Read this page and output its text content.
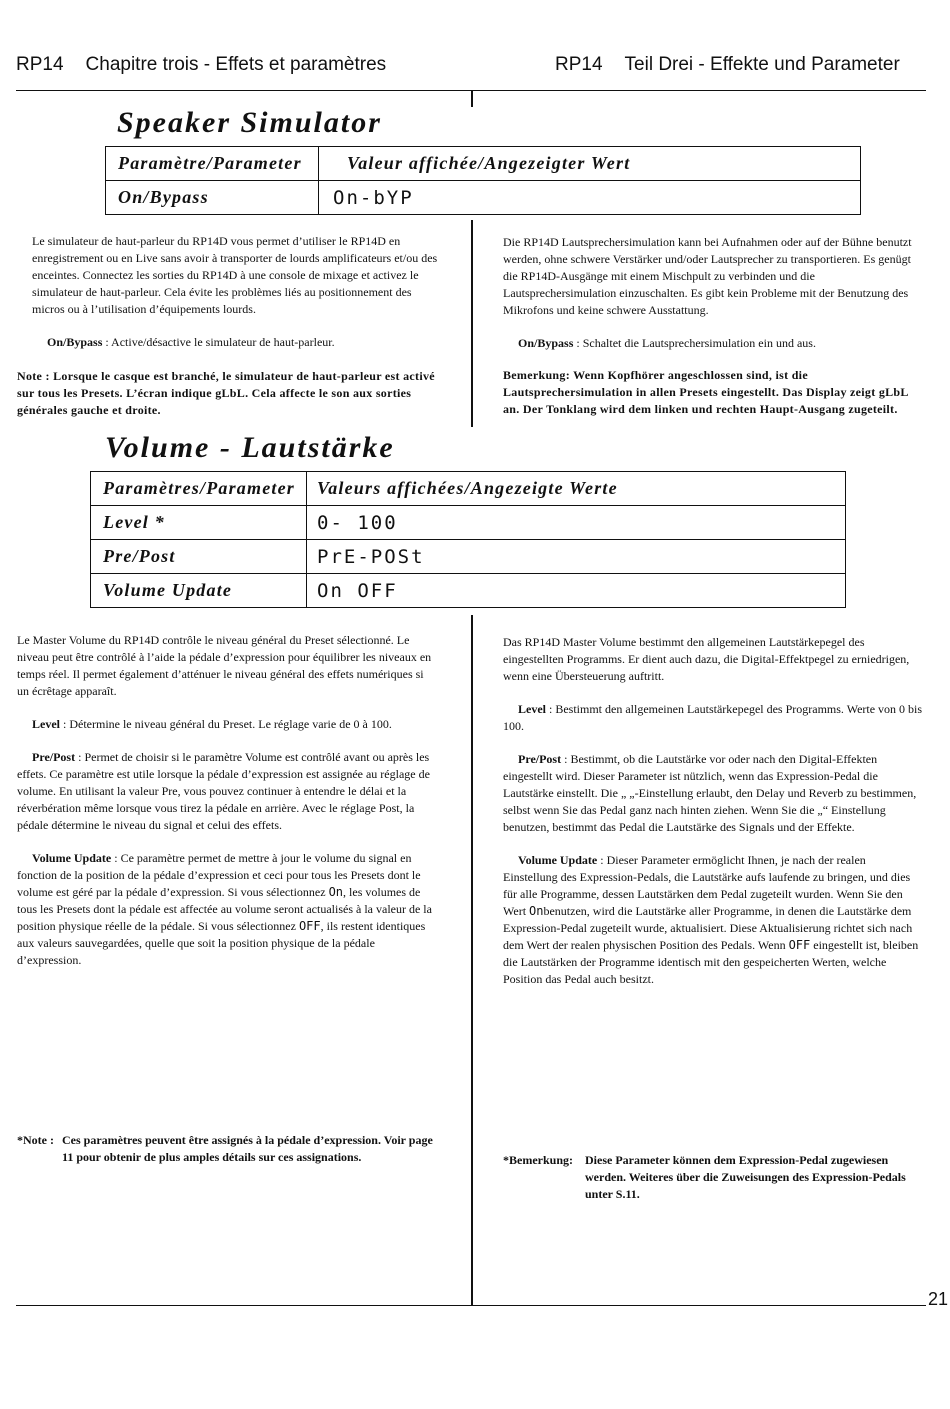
RP14 Chapitre trois - Effets et paramètres	RP14 Teil Drei - Effekte und Parameter
Speaker Simulator
Paramètre/Parameter	Valeur affichée/Angezeigter Wert
On/Bypass	On-bYP

Le simulateur de haut-parleur du RP14D vous permet d’utiliser le RP14D en enregistrement ou en Live sans avoir à transporter de lourds amplificateurs et/ou des enceintes. Connectez les sorties du RP14D à une console de mixage et activez le simulateur de haut-parleur. Cela évite les problèmes liés au positionnement des micros ou à l’utilisation d’équipements lourds.

On/Bypass : Active/désactive le simulateur de haut-parleur.

Note : Lorsque le casque est branché, le simulateur de haut-parleur est activé sur tous les Presets. L’écran indique gLbL. Cela affecte le son aux sorties générales gauche et droite.

Die RP14D Lautsprechersimulation kann bei Aufnahmen oder auf der Bühne benutzt werden, ohne schwere Verstärker und/oder Lautsprecher zu transportieren. Es genügt die RP14D-Ausgänge mit einem Mischpult zu verbinden und die Lautsprechersimulation einzuschalten. Es gibt kein Probleme mit der Benutzung des Mikrofons und keine schwere Ausstattung.

On/Bypass : Schaltet die Lautsprechersimulation ein und aus.

Bemerkung: Wenn Kopfhörer angeschlossen sind, ist die Lautsprechersimulation in allen Presets eingestellt. Das Display zeigt gLbL an. Der Tonklang wird dem linken und rechten Haupt-Ausgang zugeteilt.

Volume - Lautstärke
Paramètres/Parameter	Valeurs affichées/Angezeigte Werte
Level *	0- 100
Pre/Post	PrE-POSt
Volume Update	On OFF

Le Master Volume du RP14D contrôle le niveau général du Preset sélectionné. Le niveau peut être contrôlé à l’aide la pédale d’expression pour équilibrer les niveaux en temps réel. Il permet également d’atténuer le niveau général des effets numériques si un écrêtage apparaît.

Level : Détermine le niveau général du Preset. Le réglage varie de 0 à 100.

Pre/Post : Permet de choisir si le paramètre Volume est contrôlé avant ou après les effets. Ce paramètre est utile lorsque la pédale d’expression est assignée au réglage de volume. En utilisant la valeur Pre, vous pouvez continuer à entendre le délai et la réverbération même lorsque vous tirez la pédale en arrière. Avec le réglage Post, la pédale détermine le niveau du signal et celui des effets.

Volume Update : Ce paramètre permet de mettre à jour le volume du signal en fonction de la position de la pédale d’expression et ceci pour tous les Presets dont le volume est géré par la pédale d’expression. Si vous sélectionnez On, les volumes de tous les Presets dont la pédale est affectée au volume seront actualisés à la valeur de la position physique réelle de la pédale. Si vous sélectionnez OFF, ils restent identiques aux valeurs sauvegardées, quelle que soit la position physique de la pédale d’expression.

Das RP14D Master Volume bestimmt den allgemeinen Lautstärkepegel des eingestellten Programms. Er dient auch dazu, die Digital-Effektpegel zu erniedrigen, wenn eine Übersteuerung auftritt.

Level : Bestimmt den allgemeinen Lautstärkepegel des Programms. Werte von 0 bis 100.

Pre/Post : Bestimmt, ob die Lautstärke vor oder nach den Digital-Effekten eingestellt wird. Dieser Parameter ist nützlich, wenn das Expression-Pedal die Lautstärke einstellt. Die „ „-Einstellung erlaubt, den Delay und Reverb zu bestimmen, selbst wenn Sie das Pedal ganz nach hinten ziehen. Wenn Sie die „“ Einstellung benutzen, bestimmt das Pedal die Lautstärke des Signals und der Effekte.

Volume Update : Dieser Parameter ermöglicht Ihnen, je nach der realen Einstellung des Expression-Pedals, die Lautstärke aufs laufende zu bringen, und dies für alle Programme, dessen Lautstärken dem Pedal zugeteilt wurden. Wenn Sie den Wert Onbenutzen, wird die Lautstärke aller Programme, in denen die Lautstärke dem Expression-Pedal zugeteilt wurde, aktualisiert. Diese Aktualisierung richtet sich nach dem Wert der realen physischen Position des Pedals. Wenn OFF eingestellt ist, bleiben die Lautstärken der Programme identisch mit den gespeicherten Werten, welche Position das Pedal auch besitzt.

*Note : Ces paramètres peuvent être assignés à la pédale d’expression. Voir page 11 pour obtenir de plus amples détails sur ces assignations.	*Bemerkung: Diese Parameter können dem Expression-Pedal zugewiesen werden. Weiteres über die Zuweisungen des Expression-Pedals unter S.11.
21
